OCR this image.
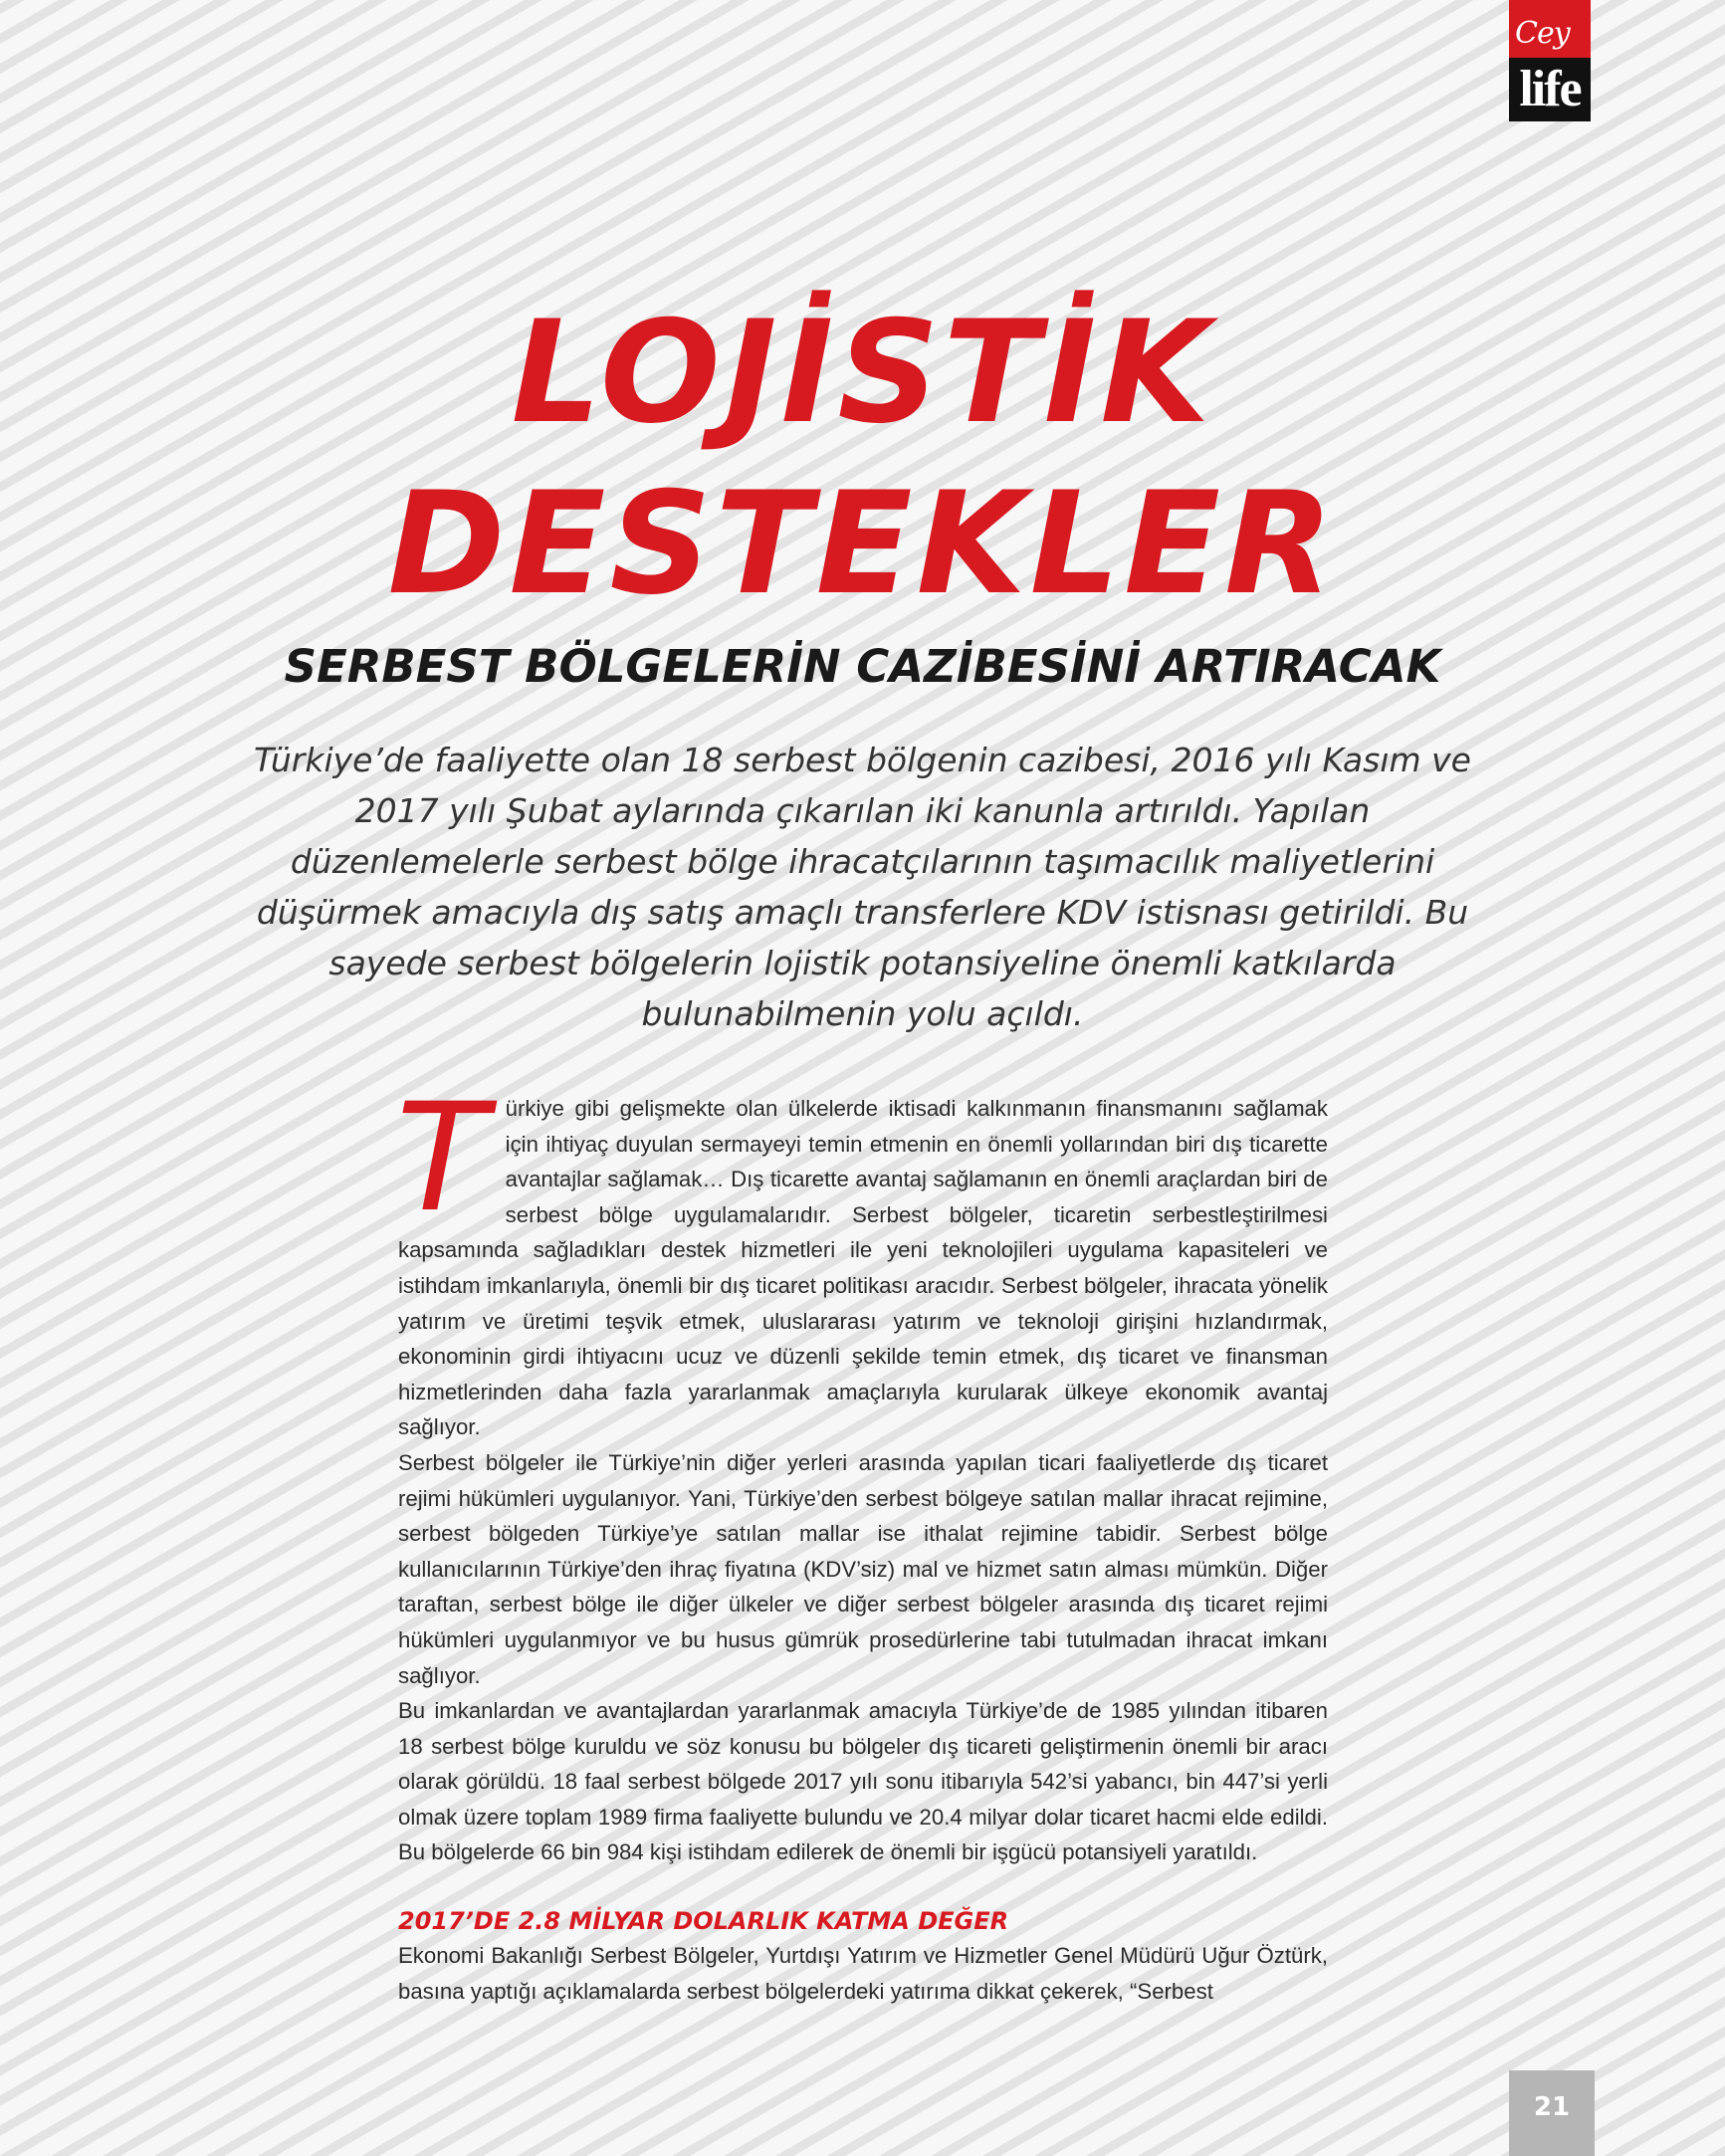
Cey
life
LOJİSTİK
DESTEKLER
SERBEST BÖLGELERİN CAZİBESİNİ ARTIRACAK

Türkiye’de faaliyette olan 18 serbest bölgenin cazibesi, 2016 yılı Kasım ve 2017 yılı Şubat aylarında çıkarılan iki kanunla artırıldı. Yapılan düzenlemelerle serbest bölge ihracatçılarının taşımacılık maliyetlerini düşürmek amacıyla dış satış amaçlı transferlere KDV istisnası getirildi. Bu sayede serbest bölgelerin lojistik potansiyeline önemli katkılarda bulunabilmenin yolu açıldı.

T ürkiye gibi gelişmekte olan ülkelerde iktisadi kalkınmanın finansmanını sağlamak için ihtiyaç duyulan sermayeyi temin etmenin en önemli yollarından biri dış ticarette avantajlar sağlamak… Dış ticarette avantaj sağlamanın en önemli araçlardan biri de serbest bölge uygulamalarıdır. Serbest bölgeler, ticaretin serbestleştirilmesi kapsamında sağladıkları destek hizmetleri ile yeni teknolojileri uygulama kapasiteleri ve istihdam imkanlarıyla, önemli bir dış ticaret politikası aracıdır. Serbest bölgeler, ihracata yönelik yatırım ve üretimi teşvik etmek, uluslararası yatırım ve teknoloji girişini hızlandırmak, ekonominin girdi ihtiyacını ucuz ve düzenli şekilde temin etmek, dış ticaret ve finansman hizmetlerinden daha fazla yararlanmak amaçlarıyla kurularak ülkeye ekonomik avantaj sağlıyor.

Serbest bölgeler ile Türkiye’nin diğer yerleri arasında yapılan ticari faaliyetlerde dış ticaret rejimi hükümleri uygulanıyor. Yani, Türkiye’den serbest bölgeye satılan mallar ihracat rejimine, serbest bölgeden Türkiye’ye satılan mallar ise ithalat rejimine tabidir. Serbest bölge kullanıcılarının Türkiye’den ihraç fiyatına (KDV’siz) mal ve hizmet satın alması mümkün. Diğer taraftan, serbest bölge ile diğer ülkeler ve diğer serbest bölgeler arasında dış ticaret rejimi hükümleri uygulanmıyor ve bu husus gümrük prosedürlerine tabi tutulmadan ihracat imkanı sağlıyor.

Bu imkanlardan ve avantajlardan yararlanmak amacıyla Türkiye’de de 1985 yılından itibaren 18 serbest bölge kuruldu ve söz konusu bu bölgeler dış ticareti geliştirmenin önemli bir aracı olarak görüldü. 18 faal serbest bölgede 2017 yılı sonu itibarıyla 542’si yabancı, bin 447’si yerli olmak üzere toplam 1989 firma faaliyette bulundu ve 20.4 milyar dolar ticaret hacmi elde edildi. Bu bölgelerde 66 bin 984 kişi istihdam edilerek de önemli bir işgücü potansiyeli yaratıldı.

2017’DE 2.8 MİLYAR DOLARLIK KATMA DEĞER

Ekonomi Bakanlığı Serbest Bölgeler, Yurtdışı Yatırım ve Hizmetler Genel Müdürü Uğur Öztürk, basına yaptığı açıklamalarda serbest bölgelerdeki yatırıma dikkat çekerek, “Serbest

21
